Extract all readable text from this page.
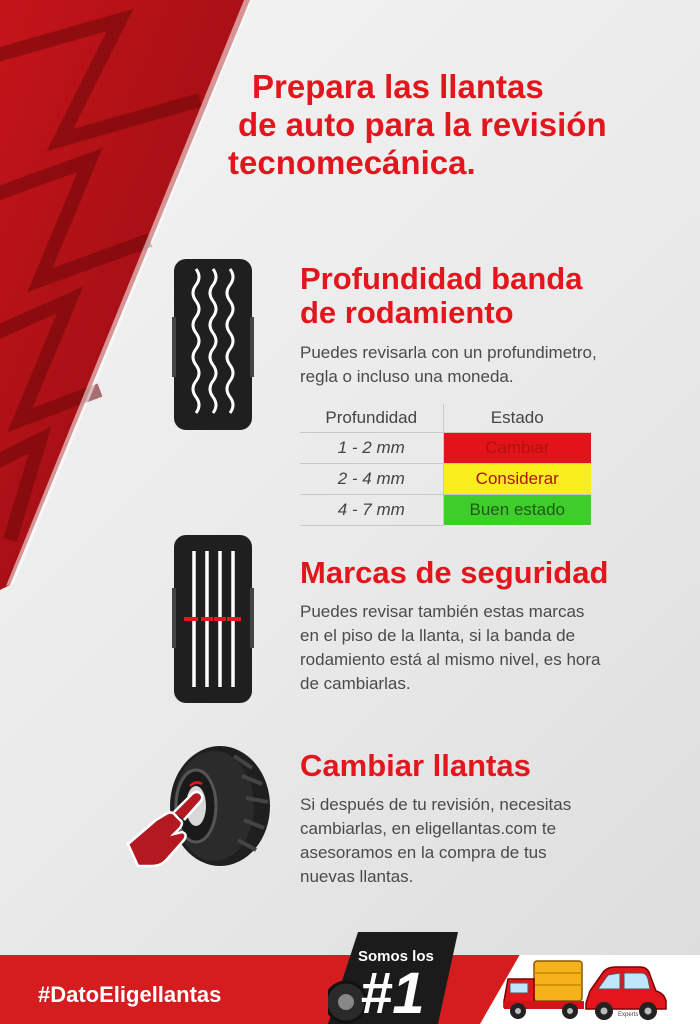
Prepara las llantas
de auto para la revisión
tecnomecánica.
Profundidad banda
de rodamiento
Puedes revisarla con un profundimetro,
regla o incluso una moneda.
Profundidad	Estado
1 - 2 mm	Cambiar
2 - 4 mm	Considerar
4 - 7 mm	Buen estado
Marcas de seguridad
Puedes revisar también estas marcas
en el piso de la llanta, si la banda de
rodamiento está al mismo nivel, es hora
de cambiarlas.
Cambiar llantas
Si después de tu revisión, necesitas
cambiarlas, en eligellantas.com te
asesoramos en la compra de tus
nuevas llantas.
#DatoEligellantas
Somos los
#1	Experts
